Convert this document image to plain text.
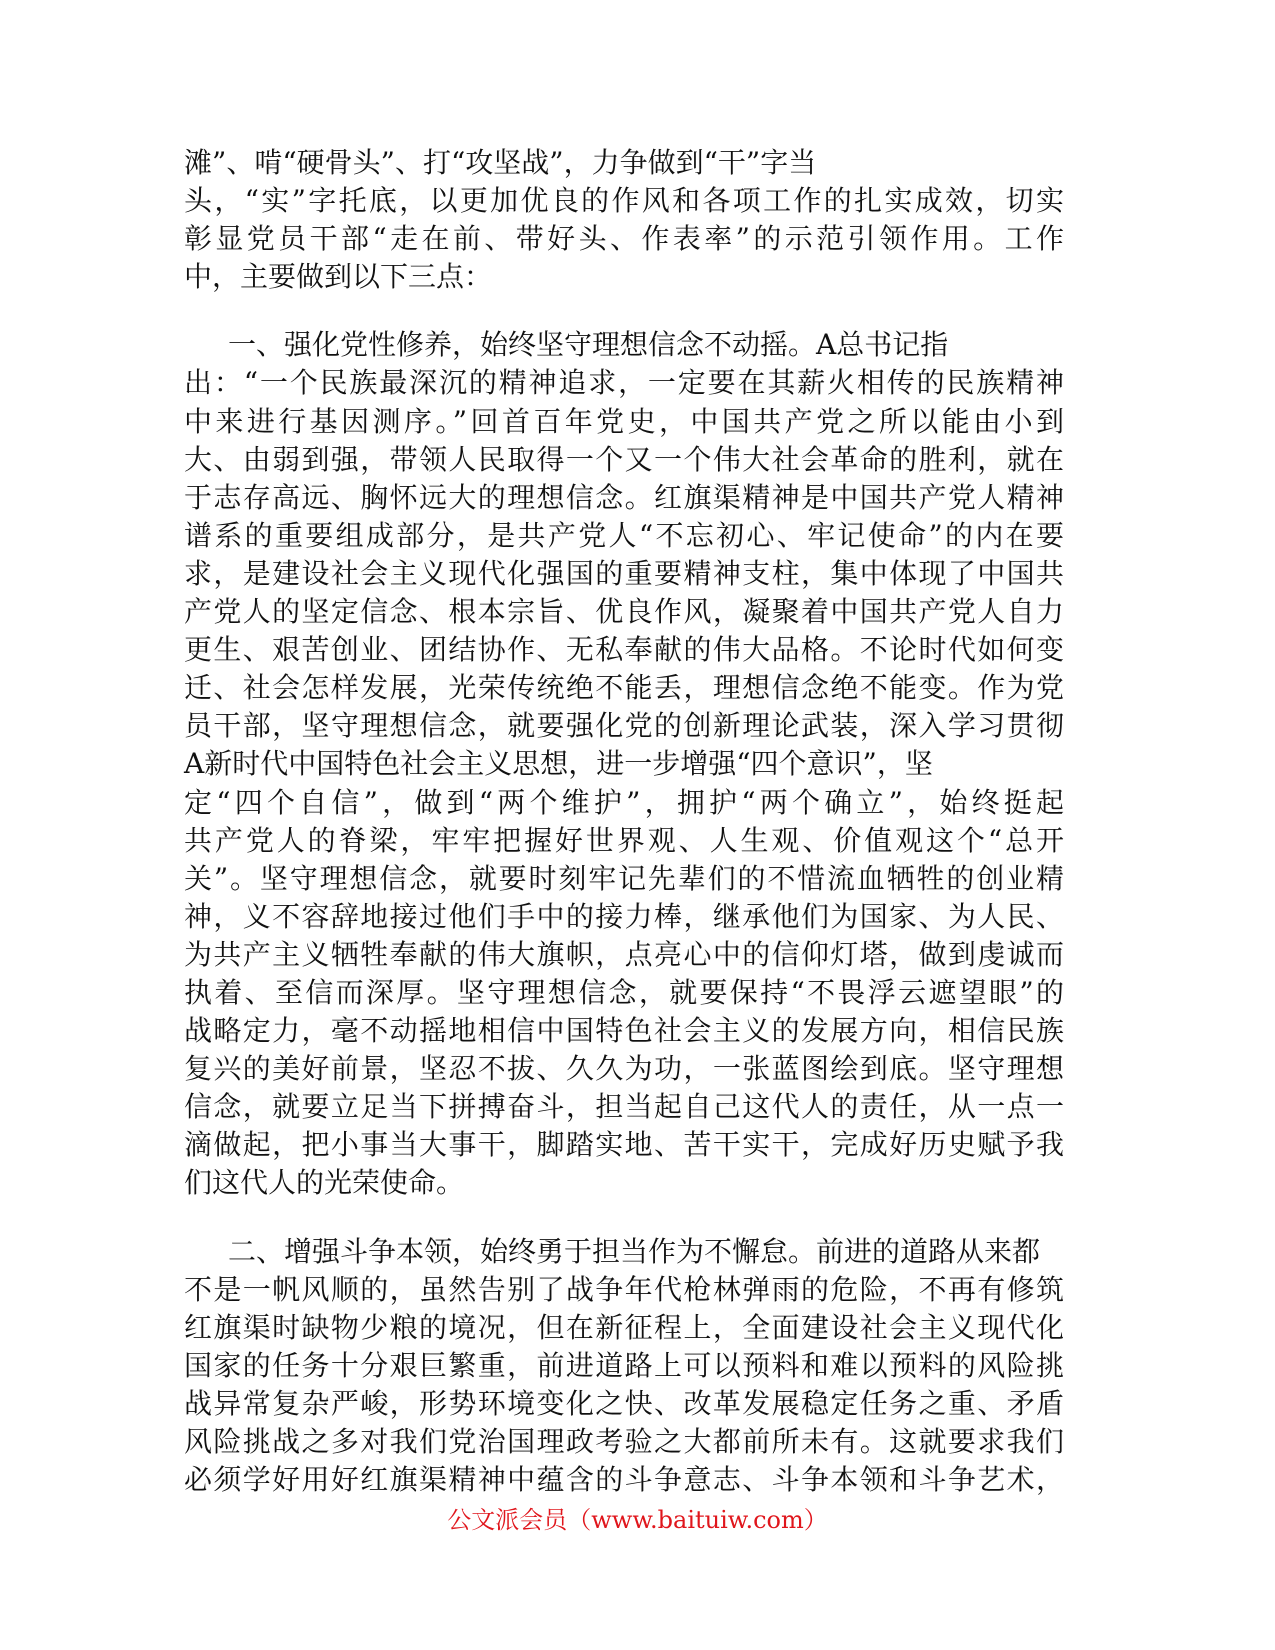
滩”、啃“硬骨头”、打“攻坚战”，力争做到“干”字当
头，“实”字托底，以更加优良的作风和各项工作的扎实成效，切实
彰显党员干部“走在前、带好头、作表率”的示范引领作用。工作
中，主要做到以下三点：
一、强化党性修养，始终坚守理想信念不动摇。A总书记指
出：“一个民族最深沉的精神追求，一定要在其薪火相传的民族精神
中来进行基因测序。”回首百年党史，中国共产党之所以能由小到
大、由弱到强，带领人民取得一个又一个伟大社会革命的胜利，就在
于志存高远、胸怀远大的理想信念。红旗渠精神是中国共产党人精神
谱系的重要组成部分，是共产党人“不忘初心、牢记使命”的内在要
求，是建设社会主义现代化强国的重要精神支柱，集中体现了中国共
产党人的坚定信念、根本宗旨、优良作风，凝聚着中国共产党人自力
更生、艰苦创业、团结协作、无私奉献的伟大品格。不论时代如何变
迁、社会怎样发展，光荣传统绝不能丢，理想信念绝不能变。作为党
员干部，坚守理想信念，就要强化党的创新理论武装，深入学习贯彻
A新时代中国特色社会主义思想，进一步增强“四个意识”，坚
定“四个自信”，做到“两个维护”，拥护“两个确立”，始终挺起
共产党人的脊梁，牢牢把握好世界观、人生观、价值观这个“总开
关”。坚守理想信念，就要时刻牢记先辈们的不惜流血牺牲的创业精
神，义不容辞地接过他们手中的接力棒，继承他们为国家、为人民、
为共产主义牺牲奉献的伟大旗帜，点亮心中的信仰灯塔，做到虔诚而
执着、至信而深厚。坚守理想信念，就要保持“不畏浮云遮望眼”的
战略定力，毫不动摇地相信中国特色社会主义的发展方向，相信民族
复兴的美好前景，坚忍不拔、久久为功，一张蓝图绘到底。坚守理想
信念，就要立足当下拼搏奋斗，担当起自己这代人的责任，从一点一
滴做起，把小事当大事干，脚踏实地、苦干实干，完成好历史赋予我
们这代人的光荣使命。
二、增强斗争本领，始终勇于担当作为不懈怠。前进的道路从来都
不是一帆风顺的，虽然告别了战争年代枪林弹雨的危险，不再有修筑
红旗渠时缺物少粮的境况，但在新征程上，全面建设社会主义现代化
国家的任务十分艰巨繁重，前进道路上可以预料和难以预料的风险挑
战异常复杂严峻，形势环境变化之快、改革发展稳定任务之重、矛盾
风险挑战之多对我们党治国理政考验之大都前所未有。这就要求我们
必须学好用好红旗渠精神中蕴含的斗争意志、斗争本领和斗争艺术，
公文派会员（www.baituiw.com）
